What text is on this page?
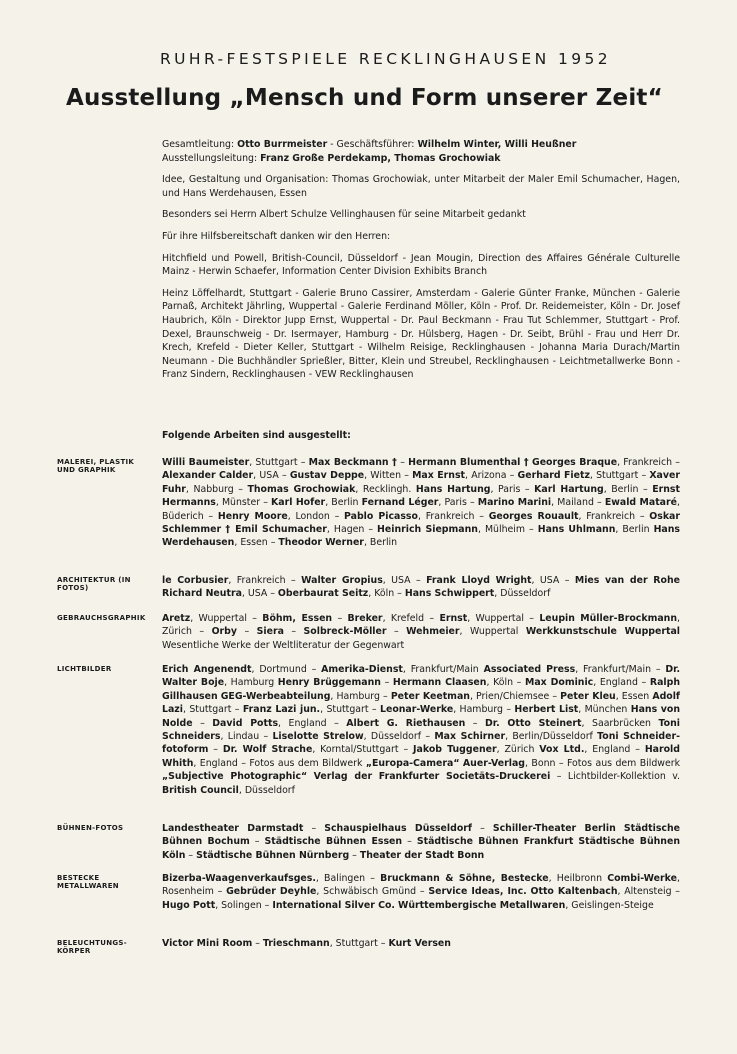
RUHR-FESTSPIELE RECKLINGHAUSEN 1952
Ausstellung „Mensch und Form unserer Zeit“

Gesamtleitung: Otto Burrmeister - Geschäftsführer: Wilhelm Winter, Willi Heußner

Ausstellungsleitung: Franz Große Perdekamp, Thomas Grochowiak

Idee, Gestaltung und Organisation: Thomas Grochowiak, unter Mitarbeit der Maler Emil Schumacher, Hagen, und Hans Werdehausen, Essen

Besonders sei Herrn Albert Schulze Vellinghausen für seine Mitarbeit gedankt

Für ihre Hilfsbereitschaft danken wir den Herren:

Hitchfield und Powell, British-Council, Düsseldorf - Jean Mougin, Direction des Affaires Générale Culturelle Mainz - Herwin Schaefer, Information Center Division Exhibits Branch

Heinz Löffelhardt, Stuttgart - Galerie Bruno Cassirer, Amsterdam - Galerie Günter Franke, München - Galerie Parnaß, Architekt Jährling, Wuppertal - Galerie Ferdinand Möller, Köln - Prof. Dr. Reidemeister, Köln - Dr. Josef Haubrich, Köln - Direktor Jupp Ernst, Wuppertal - Dr. Paul Beckmann - Frau Tut Schlemmer, Stuttgart - Prof. Dexel, Braunschweig - Dr. Isermayer, Hamburg - Dr. Hülsberg, Hagen - Dr. Seibt, Brühl - Frau und Herr Dr. Krech, Krefeld - Dieter Keller, Stuttgart - Wilhelm Reisige, Recklinghausen - Johanna Maria Durach/Martin Neumann - Die Buchhändler Sprießler, Bitter, Klein und Streubel, Recklinghausen - Leichtmetallwerke Bonn - Franz Sindern, Recklinghausen - VEW Recklinghausen

Folgende Arbeiten sind ausgestellt:
MALEREI, PLASTIK UND GRAPHIK
Willi Baumeister, Stuttgart – Max Beckmann † – Hermann Blumenthal † Georges Braque, Frankreich – Alexander Calder, USA – Gustav Deppe, Witten – Max Ernst, Arizona – Gerhard Fietz, Stuttgart – Xaver Fuhr, Nabburg – Thomas Grochowiak, Recklingh. Hans Hartung, Paris – Karl Hartung, Berlin – Ernst Hermanns, Münster – Karl Hofer, Berlin Fernand Léger, Paris – Marino Marini, Mailand – Ewald Mataré, Büderich – Henry Moore, London – Pablo Picasso, Frankreich – Georges Rouault, Frankreich – Oskar Schlemmer † Emil Schumacher, Hagen – Heinrich Siepmann, Mülheim – Hans Uhlmann, Berlin Hans Werdehausen, Essen – Theodor Werner, Berlin
ARCHITEKTUR (IN FOTOS)
le Corbusier, Frankreich – Walter Gropius, USA – Frank Lloyd Wright, USA – Mies van der Rohe Richard Neutra, USA – Oberbaurat Seitz, Köln – Hans Schwippert, Düsseldorf
GEBRAUCHSGRAPHIK	Aretz, Wuppertal – Böhm, Essen – Breker, Krefeld – Ernst, Wuppertal – Leupin Müller-Brockmann, Zürich – Orby – Siera – Solbreck-Möller – Wehmeier, Wuppertal Werkkunstschule Wuppertal Wesentliche Werke der Weltliteratur der Gegenwart
LICHTBILDER	Erich Angenendt, Dortmund – Amerika-Dienst, Frankfurt/Main Associated Press, Frankfurt/Main – Dr. Walter Boje, Hamburg Henry Brüggemann – Hermann Claasen, Köln – Max Dominic, England – Ralph Gillhausen GEG-Werbeabteilung, Hamburg – Peter Keetman, Prien/Chiemsee – Peter Kleu, Essen Adolf Lazi, Stuttgart – Franz Lazi jun., Stuttgart – Leonar-Werke, Hamburg – Herbert List, München Hans von Nolde – David Potts, England – Albert G. Riethausen – Dr. Otto Steinert, Saarbrücken Toni Schneiders, Lindau – Liselotte Strelow, Düsseldorf – Max Schirner, Berlin/Düsseldorf Toni Schneider-fotoform – Dr. Wolf Strache, Korntal/Stuttgart – Jakob Tuggener, Zürich Vox Ltd., England – Harold Whith, England – Fotos aus dem Bildwerk „Europa-Camera“ Auer-Verlag, Bonn – Fotos aus dem Bildwerk „Subjective Photographic“ Verlag der Frankfurter Societäts-Druckerei – Lichtbilder-Kollektion v. British Council, Düsseldorf
BÜHNEN-FOTOS	Landestheater Darmstadt – Schauspielhaus Düsseldorf – Schiller-Theater Berlin Städtische Bühnen Bochum – Städtische Bühnen Essen – Städtische Bühnen Frankfurt Städtische Bühnen Köln – Städtische Bühnen Nürnberg – Theater der Stadt Bonn
BESTECKE METALLWAREN
Bizerba-Waagenverkaufsges., Balingen – Bruckmann & Söhne, Bestecke, Heilbronn Combi-Werke, Rosenheim – Gebrüder Deyhle, Schwäbisch Gmünd – Service Ideas, Inc. Otto Kaltenbach, Altensteig – Hugo Pott, Solingen – International Silver Co. Württembergische Metallwaren, Geislingen-Steige
BELEUCHTUNGS-KÖRPER
Victor Mini Room – Trieschmann, Stuttgart – Kurt Versen
